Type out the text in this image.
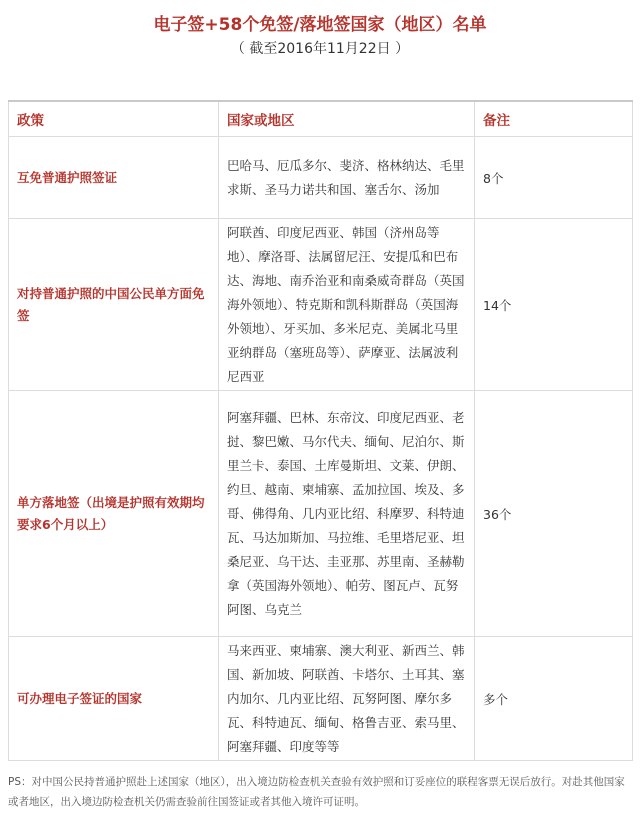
电子签+58个免签/落地签国家（地区）名单
（ 截至2016年11月22日 ）
政策	国家或地区	备注
互免普通护照签证	巴哈马、厄瓜多尔、斐济、格林纳达、毛里求斯、圣马力诺共和国、塞舌尔、汤加	8个
对持普通护照的中国公民单方面免签	阿联酋、印度尼西亚、韩国（济州岛等地）、摩洛哥、法属留尼汪、安提瓜和巴布达、海地、南乔治亚和南桑威奇群岛（英国海外领地）、特克斯和凯科斯群岛（英国海外领地）、牙买加、多米尼克、美属北马里亚纳群岛（塞班岛等）、萨摩亚、法属波利尼西亚	14个
单方落地签（出境是护照有效期均要求6个月以上）	阿塞拜疆、巴林、东帝汶、印度尼西亚、老挝、黎巴嫩、马尔代夫、缅甸、尼泊尔、斯里兰卡、泰国、土库曼斯坦、文莱、伊朗、约旦、越南、柬埔寨、孟加拉国、埃及、多哥、佛得角、几内亚比绍、科摩罗、科特迪瓦、马达加斯加、马拉维、毛里塔尼亚、坦桑尼亚、乌干达、圭亚那、苏里南、圣赫勒拿（英国海外领地）、帕劳、图瓦卢、瓦努阿图、乌克兰	36个
可办理电子签证的国家	马来西亚、柬埔寨、澳大利亚、新西兰、韩国、新加坡、阿联酋、卡塔尔、土耳其、塞内加尔、几内亚比绍、瓦努阿图、摩尔多瓦、科特迪瓦、缅甸、格鲁吉亚、索马里、阿塞拜疆、印度等等	多个
PS：对中国公民持普通护照赴上述国家（地区），出入境边防检查机关查验有效护照和订妥座位的联程客票无误后放行。对赴其他国家或者地区，出入境边防检查机关仍需查验前往国签证或者其他入境许可证明。
